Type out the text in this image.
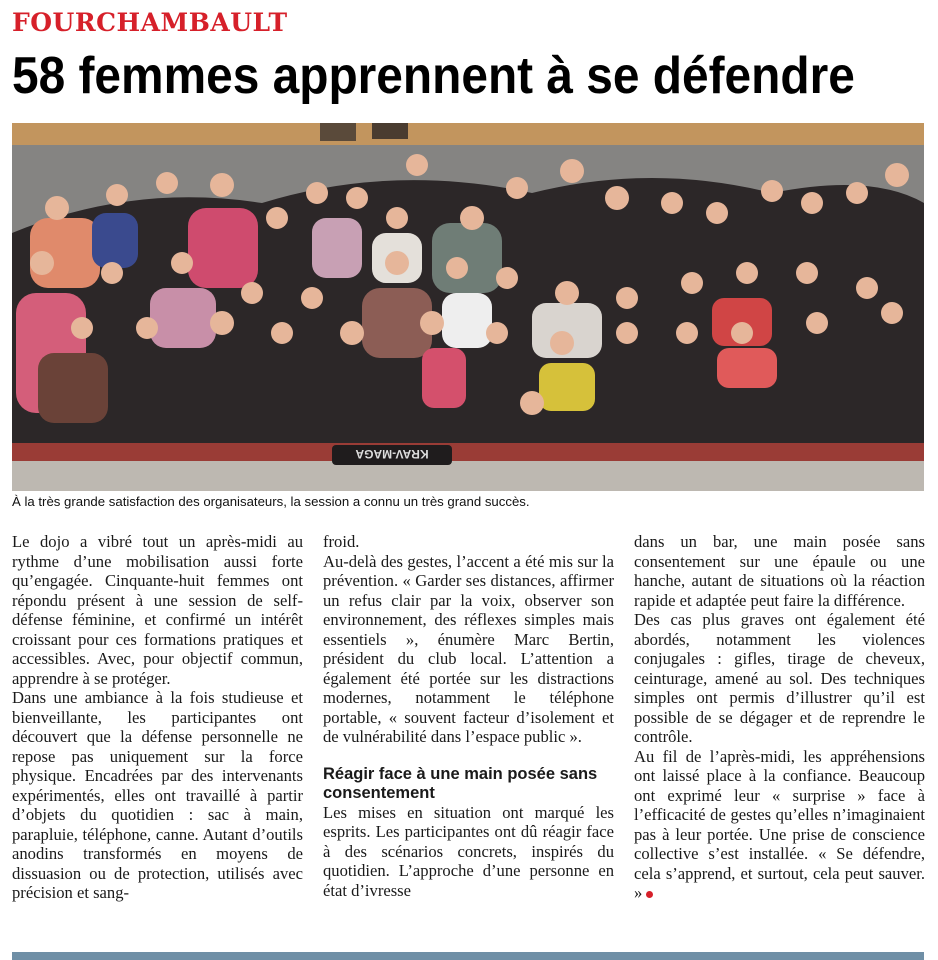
FOURCHAMBAULT
58 femmes apprennent à se défendre
KRAV-MAGA
À la très grande satisfaction des organisateurs, la session a connu un très grand succès.

Le dojo a vibré tout un après-midi au rythme d’une mobilisation aussi forte qu’engagée. Cinquante-huit femmes ont répondu présent à une session de self-défense féminine, et confirmé un intérêt croissant pour ces formations pratiques et accessibles. Avec, pour objectif commun, apprendre à se protéger.

Dans une ambiance à la fois studieuse et bienveillante, les participantes ont découvert que la défense personnelle ne repose pas uniquement sur la force physique. Encadrées par des intervenants expérimentés, elles ont travaillé à partir d’objets du quotidien : sac à main, parapluie, téléphone, canne. Autant d’outils anodins transformés en moyens de dissuasion ou de protection, utilisés avec précision et sang-

froid.

Au-delà des gestes, l’accent a été mis sur la prévention. « Garder ses distances, affirmer un refus clair par la voix, observer son environnement, des réflexes simples mais essentiels », énumère Marc Bertin, président du club local. L’attention a également été portée sur les distractions modernes, notamment le téléphone portable, « souvent facteur d’isolement et de vulnérabilité dans l’espace public ».

Réagir face à une main posée sans consentement

Les mises en situation ont marqué les esprits. Les participantes ont dû réagir face à des scénarios concrets, inspirés du quotidien. L’approche d’une personne en état d’ivresse

dans un bar, une main posée sans consentement sur une épaule ou une hanche, autant de situations où la réaction rapide et adaptée peut faire la différence.

Des cas plus graves ont également été abordés, notamment les violences conjugales : gifles, tirage de cheveux, ceinturage, amené au sol. Des techniques simples ont permis d’illustrer qu’il est possible de se dégager et de reprendre le contrôle.

Au fil de l’après-midi, les appréhensions ont laissé place à la confiance. Beaucoup ont exprimé leur « surprise » face à l’efficacité de gestes qu’elles n’imaginaient pas à leur portée. Une prise de conscience collective s’est installée. « Se défendre, cela s’apprend, et surtout, cela peut sauver. »
